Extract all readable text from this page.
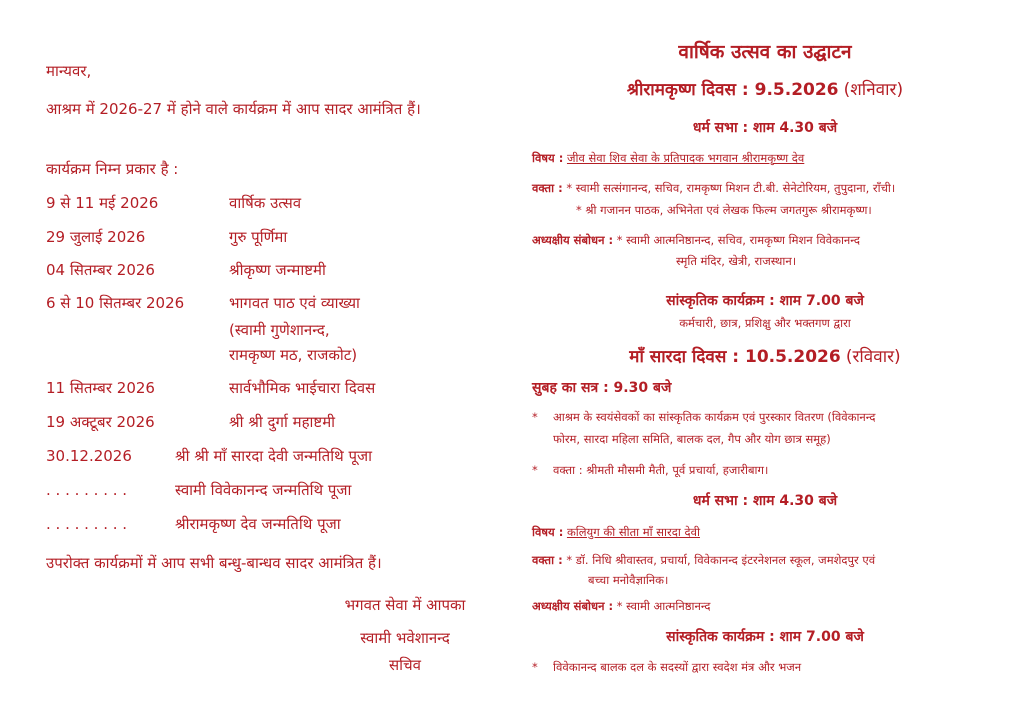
मान्यवर,
आश्रम में 2026-27 में होने वाले कार्यक्रम में आप सादर आमंत्रित हैं।
कार्यक्रम निम्न प्रकार है :
9 से 11 मई 2026	वार्षिक उत्सव
29 जुलाई 2026	गुरु पूर्णिमा
04 सितम्बर 2026	श्रीकृष्ण जन्माष्टमी
6 से 10 सितम्बर 2026	भागवत पाठ एवं व्याख्या
(स्वामी गुणेशानन्द,
रामकृष्ण मठ, राजकोट)
11 सितम्बर 2026	सार्वभौमिक भाईचारा दिवस
19 अक्टूबर 2026	श्री श्री दुर्गा महाष्टमी
30.12.2026	श्री श्री माँ सारदा देवी जन्मतिथि पूजा
. . . . . . . . .	स्वामी विवेकानन्द जन्मतिथि पूजा
. . . . . . . . .	श्रीरामकृष्ण देव जन्मतिथि पूजा
उपरोक्त कार्यक्रमों में आप सभी बन्धु-बान्धव सादर आमंत्रित हैं।
भगवत सेवा में आपका
स्वामी भवेशानन्द
सचिव
वार्षिक उत्सव का उद्घाटन
श्रीरामकृष्ण दिवस : 9.5.2026 (शनिवार)
धर्म सभा : शाम 4.30 बजे
विषय : जीव सेवा शिव सेवा के प्रतिपादक भगवान श्रीरामकृष्ण देव
वक्ता : * स्वामी सत्संगानन्द, सचिव, रामकृष्ण मिशन टी.बी. सेनेटोरियम, तुपुदाना, राँची।
* श्री गजानन पाठक, अभिनेता एवं लेखक फिल्म जगतगुरू श्रीरामकृष्ण।
अध्यक्षीय संबोधन : * स्वामी आत्मनिष्ठानन्द, सचिव, रामकृष्ण मिशन विवेकानन्द
स्मृति मंदिर, खेत्री, राजस्थान।
सांस्कृतिक कार्यक्रम : शाम 7.00 बजे
कर्मचारी, छात्र, प्रशिक्षु और भक्तगण द्वारा
माँ सारदा दिवस : 10.5.2026 (रविवार)
सुबह का सत्र : 9.30 बजे
* आश्रम के स्वयंसेवकों का सांस्कृतिक कार्यक्रम एवं पुरस्कार वितरण (विवेकानन्द
फोरम, सारदा महिला समिति, बालक दल, गैप और योग छात्र समूह)
* वक्ता : श्रीमती मौसमी मैती, पूर्व प्रचार्या, हजारीबाग।
धर्म सभा : शाम 4.30 बजे
विषय : कलियुग की सीता माँ सारदा देवी
वक्ता : * डॉ. निधि श्रीवास्तव, प्रचार्या, विवेकानन्द इंटरनेशनल स्कूल, जमशेदपुर एवं
बच्चा मनोवैज्ञानिक।
अध्यक्षीय संबोधन : * स्वामी आत्मनिष्ठानन्द
सांस्कृतिक कार्यक्रम : शाम 7.00 बजे
* विवेकानन्द बालक दल के सदस्यों द्वारा स्वदेश मंत्र और भजन
